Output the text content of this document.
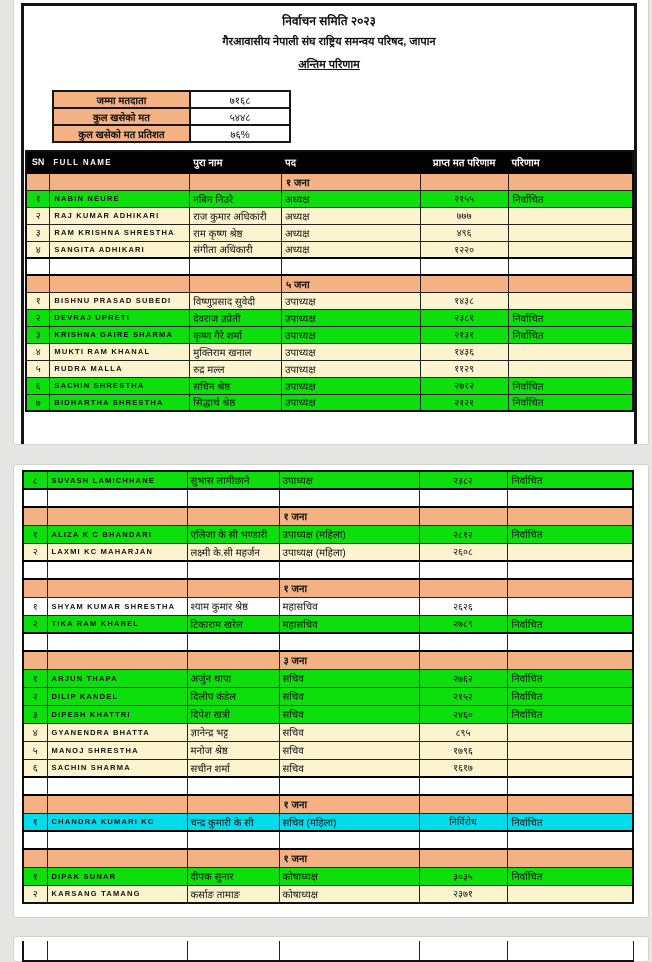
निर्वाचन समिति २०२३
गैरआवासीय नेपाली संघ राष्ट्रिय समन्वय परिषद, जापान
अन्तिम परिणाम
जम्मा मतदाता	७१६८
कुल खसेको मत	५४४८
कुल खसेको मत प्रतिशत	७६%
SN	FULL NAME	पुरा नाम	पद	प्राप्त मत परिणाम	परिणाम
			१ जना		
१	NABIN NEURE	नबिन निउरे	अध्यक्ष	२१५५	निर्वाचित
२	RAJ KUMAR ADHIKARI	राज कुमार अधिकारी	अध्यक्ष	७७७	
३	RAM KRISHNA SHRESTHA	राम कृष्ण श्रेष्ठ	अध्यक्ष	४९६	
४	SANGITA ADHIKARI	संगीता अधिकारी	अध्यक्ष	१२२०	

			५ जना		
१	BISHNU PRASAD SUBEDI	विष्णुप्रसाद सुवेदी	उपाध्यक्ष	१४३८	
२	DEVRAJ UPRETI	देवराज उप्रेती	उपाध्यक्ष	२३८१	निर्वाचित
३	KRISHNA GAIRE SHARMA	कृष्ण गैरे शर्मा	उपाध्यक्ष	२१३१	निर्वाचित
४	MUKTI RAM KHANAL	मुक्तिराम खनाल	उपाध्यक्ष	१४३६	
५	RUDRA MALLA	रुद्र मल्ल	उपाध्यक्ष	११२९	
६	SACHIN SHRESTHA	सचिन श्रेष्ठ	उपाध्यक्ष	२७१२	निर्वाचित
७	BIDHARTHA SHRESTHA	सिद्धार्थ श्रेष्ठ	उपाध्यक्ष	२१२१	निर्वाचित
८	SUVASH LAMICHHANE	सुभास लामीछाने	उपाध्यक्ष	२३८२	निर्वाचित

			१ जना		
१	ALIZA K C BHANDARI	एलिजा के सी भण्डारी	उपाध्यक्ष (महिला)	२८१२	निर्वाचित
२	LAXMI KC MAHARJAN	लक्ष्मी के.सी महर्जन	उपाध्यक्ष (महिला)	२६०८	

			१ जना		
१	SHYAM KUMAR SHRESTHA	श्याम कुमार श्रेष्ठ	महासचिव	२६२६	
२	TIKA RAM KHAREL	टिकाराम खरेल	महासचिव	२७८९	निर्वाचित

			३ जना		
१	ARJUN THAPA	अर्जुन थापा	सचिव	२७६२	निर्वाचित
२	DILIP KANDEL	दिलीप कंडेल	सचिव	२१५२	निर्वाचित
३	DIPESH KHATTRI	दिपेश खत्री	सचिव	२४६०	निर्वाचित
४	GYANENDRA BHATTA	ज्ञानेन्द्र भट्ट	सचिव	८९५	
५	MANOJ SHRESTHA	मनोज श्रेष्ठ	सचिव	१७९६	
६	SACHIN SHARMA	सचीन शर्मा	सचिव	१६१७	

			१ जना		
१	CHANDRA KUMARI KC	चन्द्र कुमारी के सी	सचिव (महिला)	निर्विरोध	निर्वाचित

			१ जना		
१	DIPAK SUNAR	दीपक सुनार	कोषाध्यक्ष	३०३५	निर्वाचित
२	KARSANG TAMANG	कर्साङ तामाङ	कोषाध्यक्ष	२३७१	
